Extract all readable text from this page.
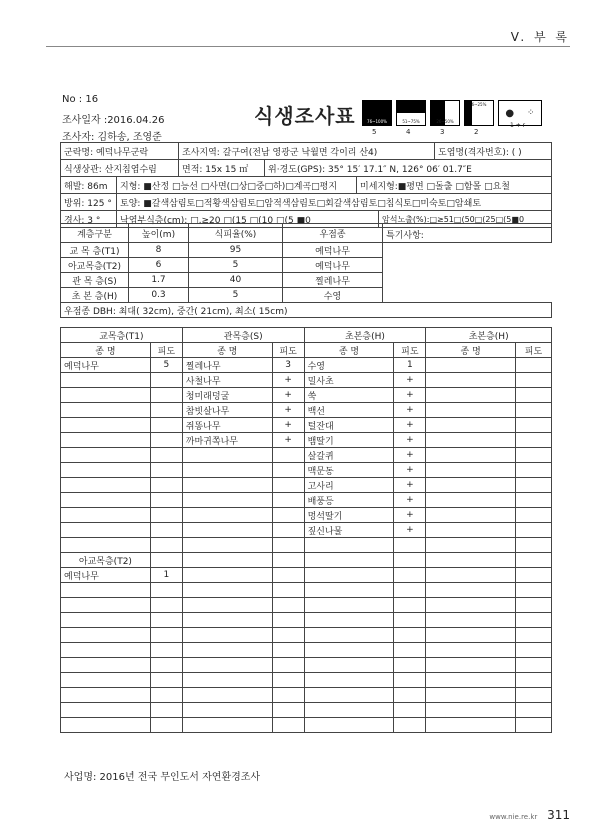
V. 부 록
No : 16
조사일자 :2016.04.26
조사자: 김하송, 조영준
식생조사표	76~100%	51~75%	26~50%
6~25%
● ⁘
5	4	3	2
1 + r
군락명: 예덕나무군락	조사지역: 갈구여(전남 영광군 낙월면 각이리 산4)	도엽명(격자번호): ( )
식생상관: 산지침엽수림	면적: 15x 15 ㎡	위·경도(GPS): 35° 15′ 17.1″ N, 126° 06′ 01.7″E
해발: 86m	지형: ■산정 □능선 □사면(□상□중□하)□계곡□평지	미세지형:■평면 □돌출 □함몰 □요철
방위: 125 ° 토양: ■갈색삼림토□적황색삼림토□암적색삼림토□회갈색삼림토□침식토□미숙토□암쇄토
경사: 3 °	낙엽부식층(cm): □,≥20 □(15 □(10 □(5 ■0	암석노출(%):□≥51□(50□(25□(5■0
계층구분	높이(m)	식피율(%)	우점종	특기사항:
교 목 층(T1)	8	95	예덕나무	
아교목층(T2)	6	5	예덕나무	
관 목 층(S)	1.7	40	찔레나무	
초 본 층(H)	0.3	5	수영	
우점종 DBH: 최대( 32cm), 중간( 21cm), 최소( 15cm)				
교목층(T1)		관목층(S)		초본층(H)		초본층(H)	
종 명	피도	종 명	피도	종 명	피도	종 명	피도
예덕나무	5	찔레나무	3	수영	1		
		사철나무	+	밀사초	+		
		청미래덩굴	+	쑥	+		
		참빗살나무	+	백선	+		
		쥐똥나무	+	털잔대	+		
		까마귀쪽나무	+	뱀딸기	+		
				살갈퀴	+		
				맥문동	+		
				고사리	+		
				배풍등	+		
				멍석딸기	+		
				짚신나물	+		

아교목층(T2)							
예덕나무	1						

사업명: 2016년 전국 무인도서 자연환경조사
www.nie.re.kr 311
